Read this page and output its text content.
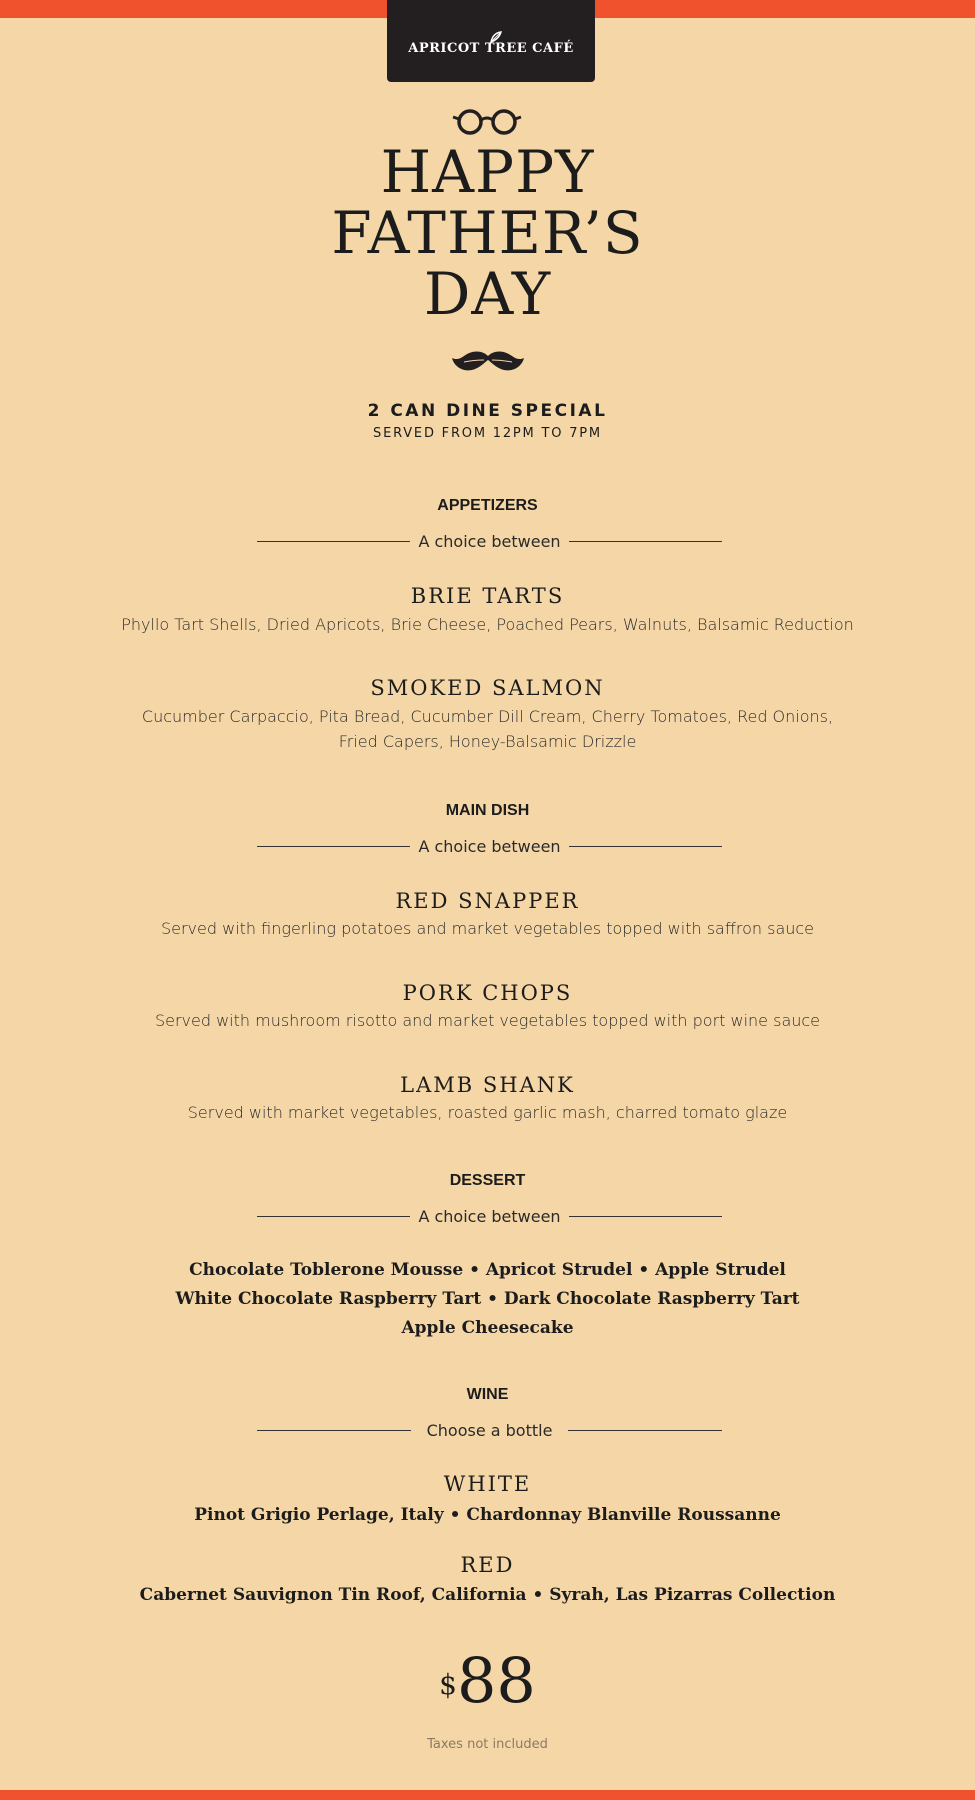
APRICOT TREE CAFÉ
HAPPY
FATHER’S
DAY
2 CAN DINE SPECIAL
SERVED FROM 12PM TO 7PM
APPETIZERS
A choice between
BRIE TARTS
Phyllo Tart Shells, Dried Apricots, Brie Cheese, Poached Pears, Walnuts, Balsamic Reduction
SMOKED SALMON
Cucumber Carpaccio, Pita Bread, Cucumber Dill Cream, Cherry Tomatoes, Red Onions,
Fried Capers, Honey-Balsamic Drizzle
MAIN DISH
A choice between
RED SNAPPER
Served with fingerling potatoes and market vegetables topped with saffron sauce
PORK CHOPS
Served with mushroom risotto and market vegetables topped with port wine sauce
LAMB SHANK
Served with market vegetables, roasted garlic mash, charred tomato glaze
DESSERT
A choice between
Chocolate Toblerone Mousse • Apricot Strudel • Apple Strudel
White Chocolate Raspberry Tart • Dark Chocolate Raspberry Tart
Apple Cheesecake
WINE
Choose a bottle
WHITE
Pinot Grigio Perlage, Italy • Chardonnay Blanville Roussanne
RED
Cabernet Sauvignon Tin Roof, California • Syrah, Las Pizarras Collection
$88
Taxes not included
